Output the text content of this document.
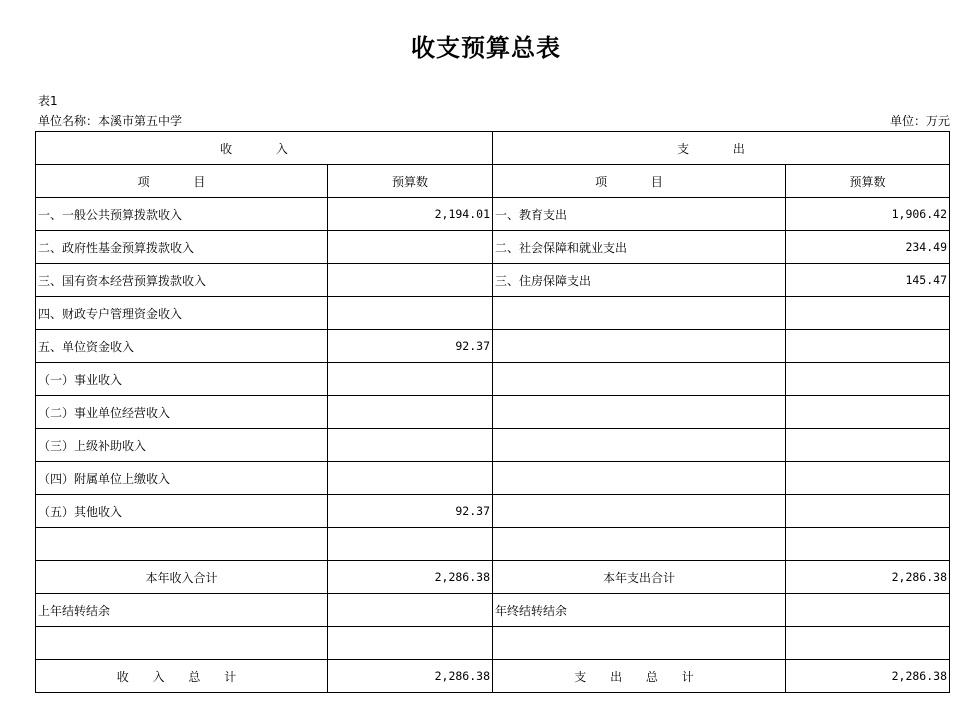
收支预算总表
表1
单位名称：本溪市第五中学	单位：万元
收 入		支 出	
项 目	预算数	项 目	预算数
一、一般公共预算拨款收入	2,194.01	一、教育支出	1,906.42
二、政府性基金预算拨款收入		二、社会保障和就业支出	234.49
三、国有资本经营预算拨款收入		三、住房保障支出	145.47
四、财政专户管理资金收入			
五、单位资金收入	92.37		
（一）事业收入			
（二）事业单位经营收入			
（三）上级补助收入			
（四）附属单位上缴收入			
（五）其他收入	92.37		

本年收入合计	2,286.38	本年支出合计	2,286.38
上年结转结余		年终结转结余	

收 入 总 计	2,286.38	支 出 总 计	2,286.38
